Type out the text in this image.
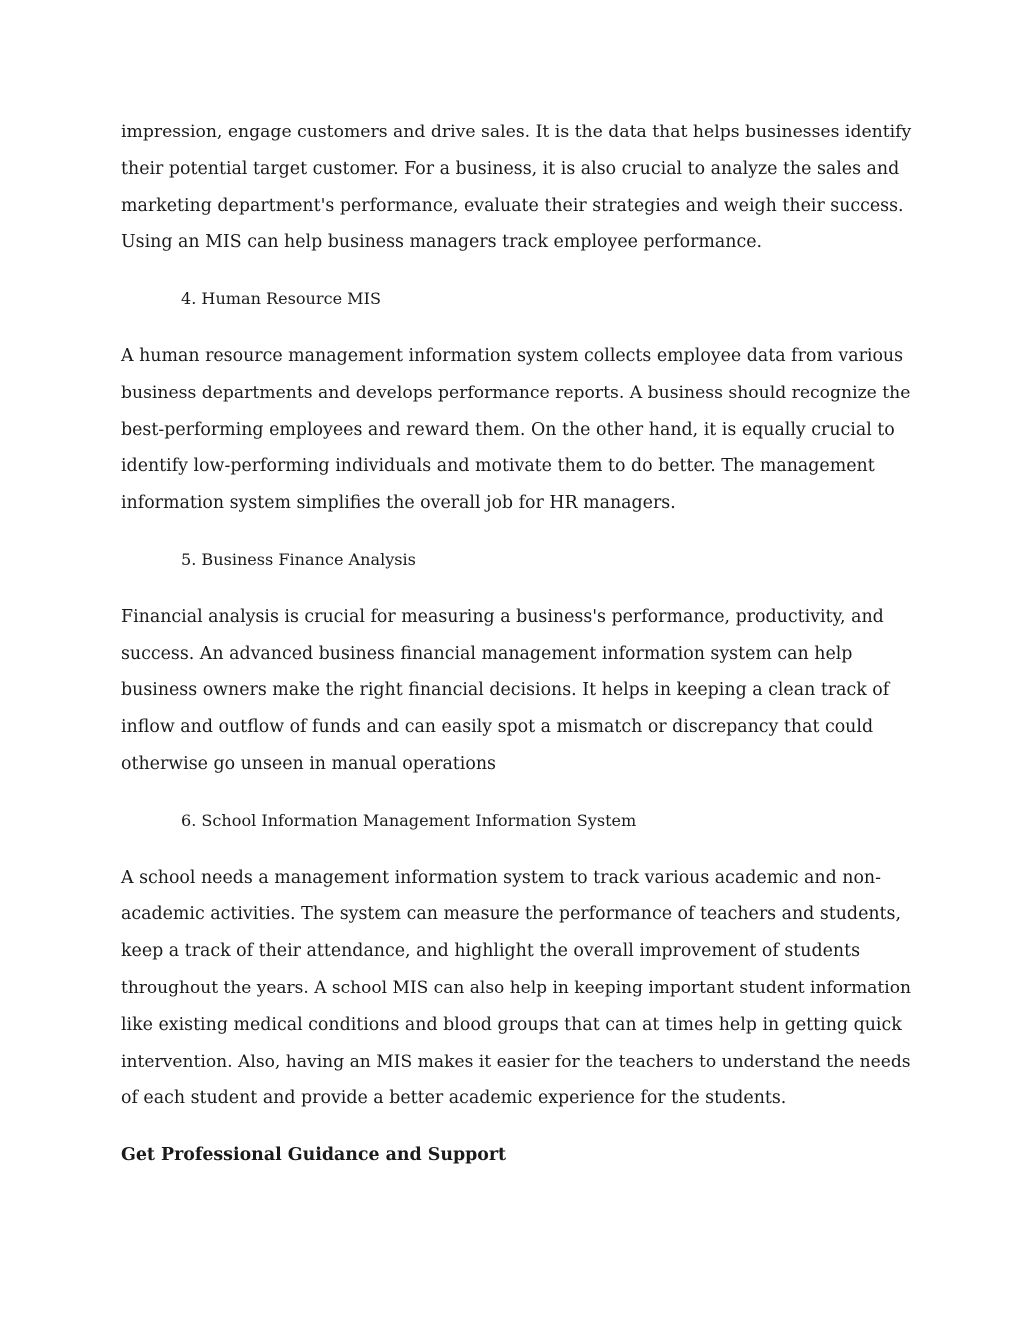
impression, engage customers and drive sales. It is the data that helps businesses identify
their potential target customer. For a business, it is also crucial to analyze the sales and
marketing department's performance, evaluate their strategies and weigh their success.
Using an MIS can help business managers track employee performance.

4. Human Resource MIS

A human resource management information system collects employee data from various
business departments and develops performance reports. A business should recognize the
best-performing employees and reward them. On the other hand, it is equally crucial to
identify low-performing individuals and motivate them to do better. The management
information system simplifies the overall job for HR managers.

5. Business Finance Analysis

Financial analysis is crucial for measuring a business's performance, productivity, and
success. An advanced business financial management information system can help
business owners make the right financial decisions. It helps in keeping a clean track of
inflow and outflow of funds and can easily spot a mismatch or discrepancy that could
otherwise go unseen in manual operations

6. School Information Management Information System

A school needs a management information system to track various academic and non-
academic activities. The system can measure the performance of teachers and students,
keep a track of their attendance, and highlight the overall improvement of students
throughout the years. A school MIS can also help in keeping important student information
like existing medical conditions and blood groups that can at times help in getting quick
intervention. Also, having an MIS makes it easier for the teachers to understand the needs
of each student and provide a better academic experience for the students.

Get Professional Guidance and Support
